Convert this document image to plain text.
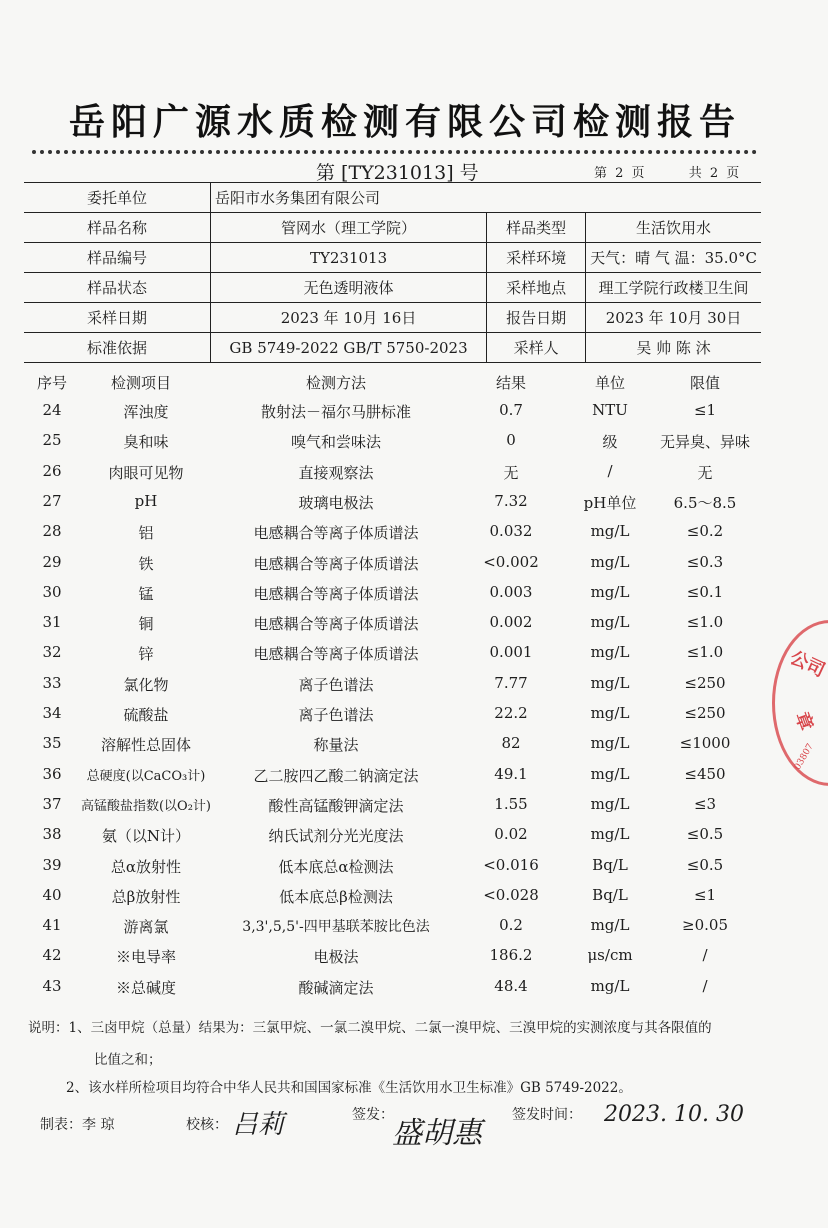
岳阳广源水质检测有限公司检测报告
第 [TY231013] 号	第 2 页	共 2 页
委托单位	岳阳市水务集团有限公司		
样品名称	管网水（理工学院）	样品类型	生活饮用水
样品编号	TY231013	采样环境	天气：晴 气 温：35.0°C
样品状态	无色透明液体	采样地点	理工学院行政楼卫生间
采样日期	2023 年 10月 16日	报告日期	2023 年 10月 30日
标准依据	GB 5749-2022 GB/T 5750-2023	采样人	吴 帅 陈 沐
序号	检测项目	检测方法	结果	单位	限值
24	浑浊度	散射法－福尔马肼标准	0.7	NTU	≤1
25	臭和味	嗅气和尝味法	0	级	无异臭、异味
26	肉眼可见物	直接观察法	无	/	无
27	pH	玻璃电极法	7.32	pH单位	6.5～8.5
28	铝	电感耦合等离子体质谱法	0.032	mg/L	≤0.2
29	铁	电感耦合等离子体质谱法	<0.002	mg/L	≤0.3
30	锰	电感耦合等离子体质谱法	0.003	mg/L	≤0.1
31	铜	电感耦合等离子体质谱法	0.002	mg/L	≤1.0
32	锌	电感耦合等离子体质谱法	0.001	mg/L	≤1.0
33	氯化物	离子色谱法	7.77	mg/L	≤250
34	硫酸盐	离子色谱法	22.2	mg/L	≤250
35	溶解性总固体	称量法	82	mg/L	≤1000
36	总硬度(以CaCO₃计)	乙二胺四乙酸二钠滴定法	49.1	mg/L	≤450
37	高锰酸盐指数(以O₂计)	酸性高锰酸钾滴定法	1.55	mg/L	≤3
38	氨（以N计）	纳氏试剂分光光度法	0.02	mg/L	≤0.5
39	总α放射性	低本底总α检测法	<0.016	Bq/L	≤0.5
40	总β放射性	低本底总β检测法	<0.028	Bq/L	≤1
41	游离氯	3,3',5,5'-四甲基联苯胺比色法	0.2	mg/L	≥0.05
42	※电导率	电极法	186.2	μs/cm	/
43	※总碱度	酸碱滴定法	48.4	mg/L	/
说明：1、三卤甲烷（总量）结果为：三氯甲烷、一氯二溴甲烷、二氯一溴甲烷、三溴甲烷的实测浓度与其各限值的
比值之和；
2、该水样所检项目均符合中华人民共和国国家标准《生活饮用水卫生标准》GB 5749-2022。
制表：李 琼	校核： 吕莉	签发：
盛胡惠
签发时间： 2023. 10. 30
公司
章
03807
